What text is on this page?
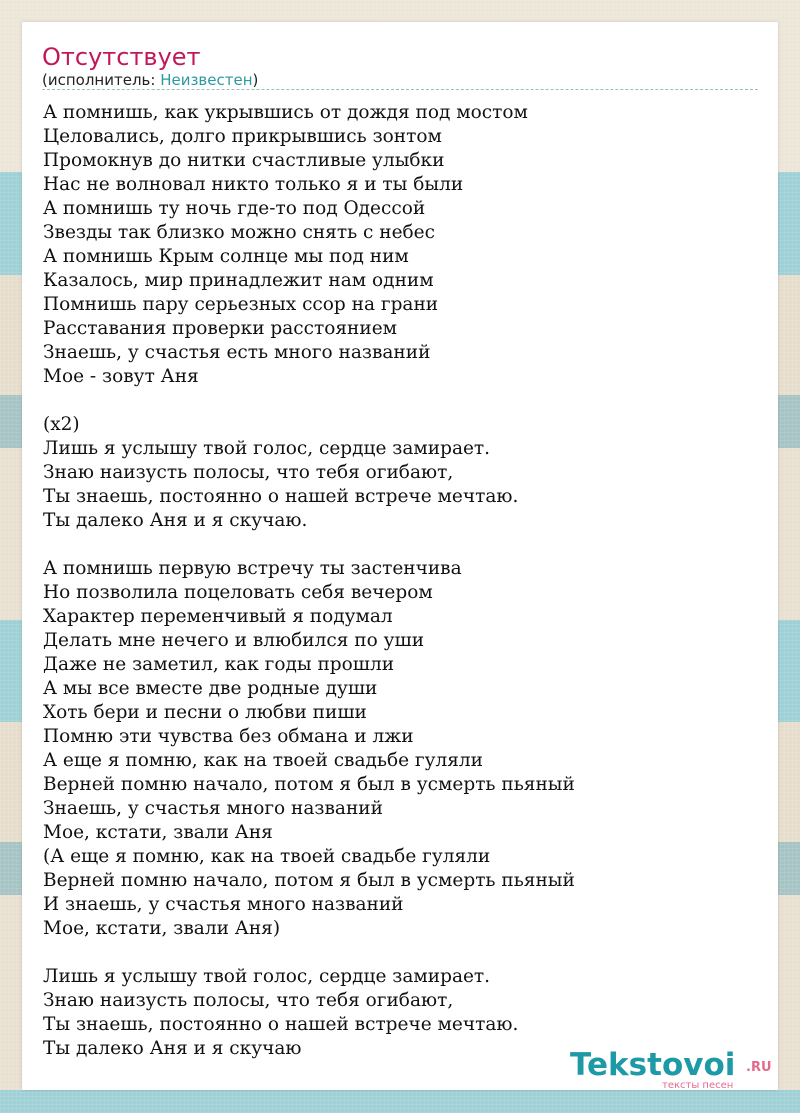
Отсутствует
(исполнитель: Неизвестен)
А помнишь, как укрывшись от дождя под мостом
Целовались, долго прикрывшись зонтом
Промокнув до нитки счастливые улыбки
Нас не волновал никто только я и ты были
А помнишь ту ночь где-то под Одессой
Звезды так близко можно снять с небес
А помнишь Крым солнце мы под ним
Казалось, мир принадлежит нам одним
Помнишь пару серьезных ссор на грани
Расставания проверки расстоянием
Знаешь, у счастья есть много названий
Мое - зовут Аня

(x2)
Лишь я услышу твой голос, сердце замирает.
Знаю наизусть полосы, что тебя огибают,
Ты знаешь, постоянно о нашей встрече мечтаю.
Ты далеко Аня и я скучаю.

А помнишь первую встречу ты застенчива
Но позволила поцеловать себя вечером
Характер переменчивый я подумал
Делать мне нечего и влюбился по уши
Даже не заметил, как годы прошли
А мы все вместе две родные души
Хоть бери и песни о любви пиши
Помню эти чувства без обмана и лжи
А еще я помню, как на твоей свадьбе гуляли
Верней помню начало, потом я был в усмерть пьяный
Знаешь, у счастья много названий
Мое, кстати, звали Аня
(А еще я помню, как на твоей свадьбе гуляли
Верней помню начало, потом я был в усмерть пьяный
И знаешь, у счастья много названий
Мое, кстати, звали Аня)

Лишь я услышу твой голос, сердце замирает.
Знаю наизусть полосы, что тебя огибают,
Ты знаешь, постоянно о нашей встрече мечтаю.
Ты далеко Аня и я скучаю	Tekstovoi .RU
тексты песен
